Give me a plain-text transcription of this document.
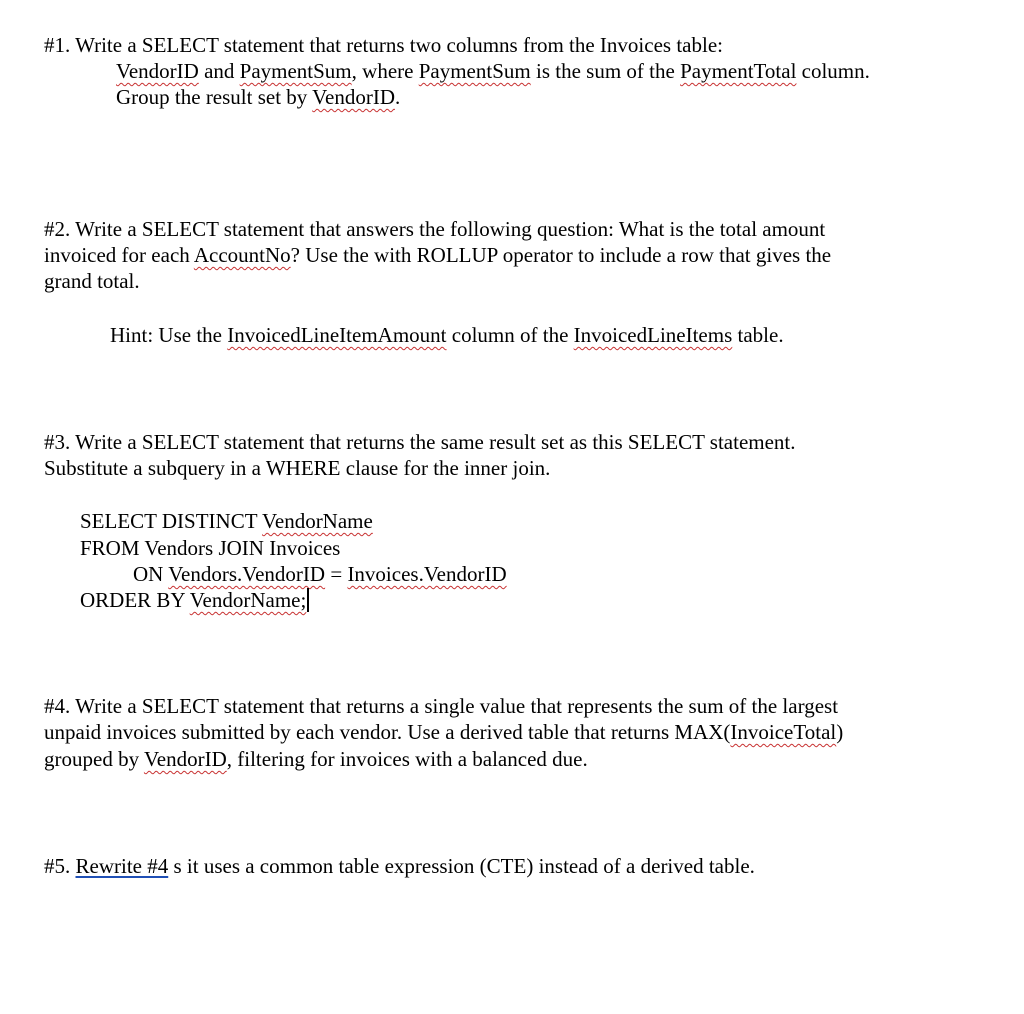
#1. Write a SELECT statement that returns two columns from the Invoices table:
VendorID and PaymentSum, where PaymentSum is the sum of the PaymentTotal column.
Group the result set by VendorID.
#2. Write a SELECT statement that answers the following question: What is the total amount
invoiced for each AccountNo? Use the with ROLLUP operator to include a row that gives the
grand total.
Hint: Use the InvoicedLineItemAmount column of the InvoicedLineItems table.
#3. Write a SELECT statement that returns the same result set as this SELECT statement.
Substitute a subquery in a WHERE clause for the inner join.
SELECT DISTINCT VendorName
FROM Vendors JOIN Invoices
ON Vendors.VendorID = Invoices.VendorID
ORDER BY VendorName;
#4. Write a SELECT statement that returns a single value that represents the sum of the largest
unpaid invoices submitted by each vendor. Use a derived table that returns MAX(InvoiceTotal)
grouped by VendorID, filtering for invoices with a balanced due.
#5. Rewrite #4 s it uses a common table expression (CTE) instead of a derived table.
